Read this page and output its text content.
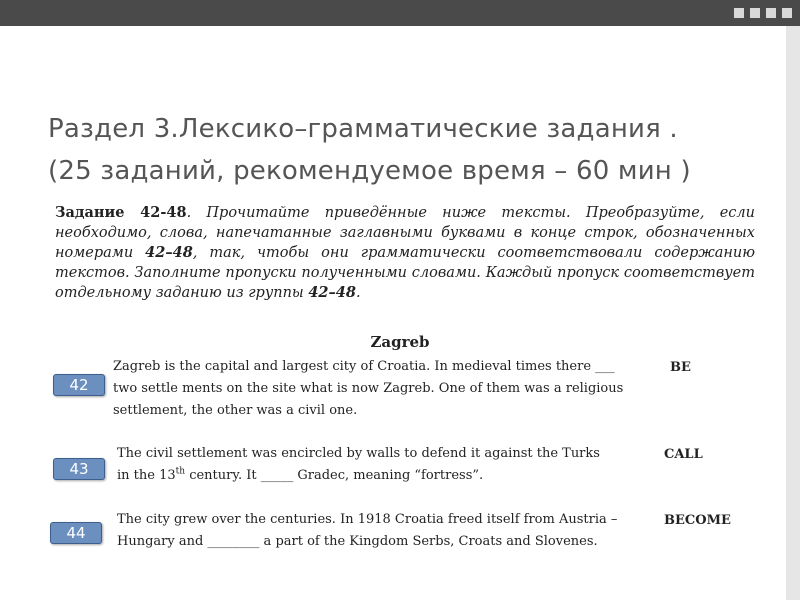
Раздел 3.Лексико–грамматические задания .
(25 заданий, рекомендуемое время – 60 мин )
Задание 42-48. Прочитайте приведённые ниже тексты. Преобразуйте, если необходимо, слова, напечатанные заглавными буквами в конце строк, обозначенных номерами 42–48, так, чтобы они грамматически соответствовали содержанию текстов. Заполните пропуски полученными словами. Каждый пропуск соответствует отдельному заданию из группы 42–48.
Zagreb
42
Zagreb is the capital and largest city of Croatia. In medieval times there ___
two settle ments on the site what is now Zagreb. One of them was a religious
settlement, the other was a civil one.
BE
43
The civil settlement was encircled by walls to defend it against the Turks
in the 13th century. It _____ Gradec, meaning “fortress”.
CALL
44
The city grew over the centuries. In 1918 Croatia freed itself from Austria –
Hungary and ________ a part of the Kingdom Serbs, Croats and Slovenes.
BECOME
